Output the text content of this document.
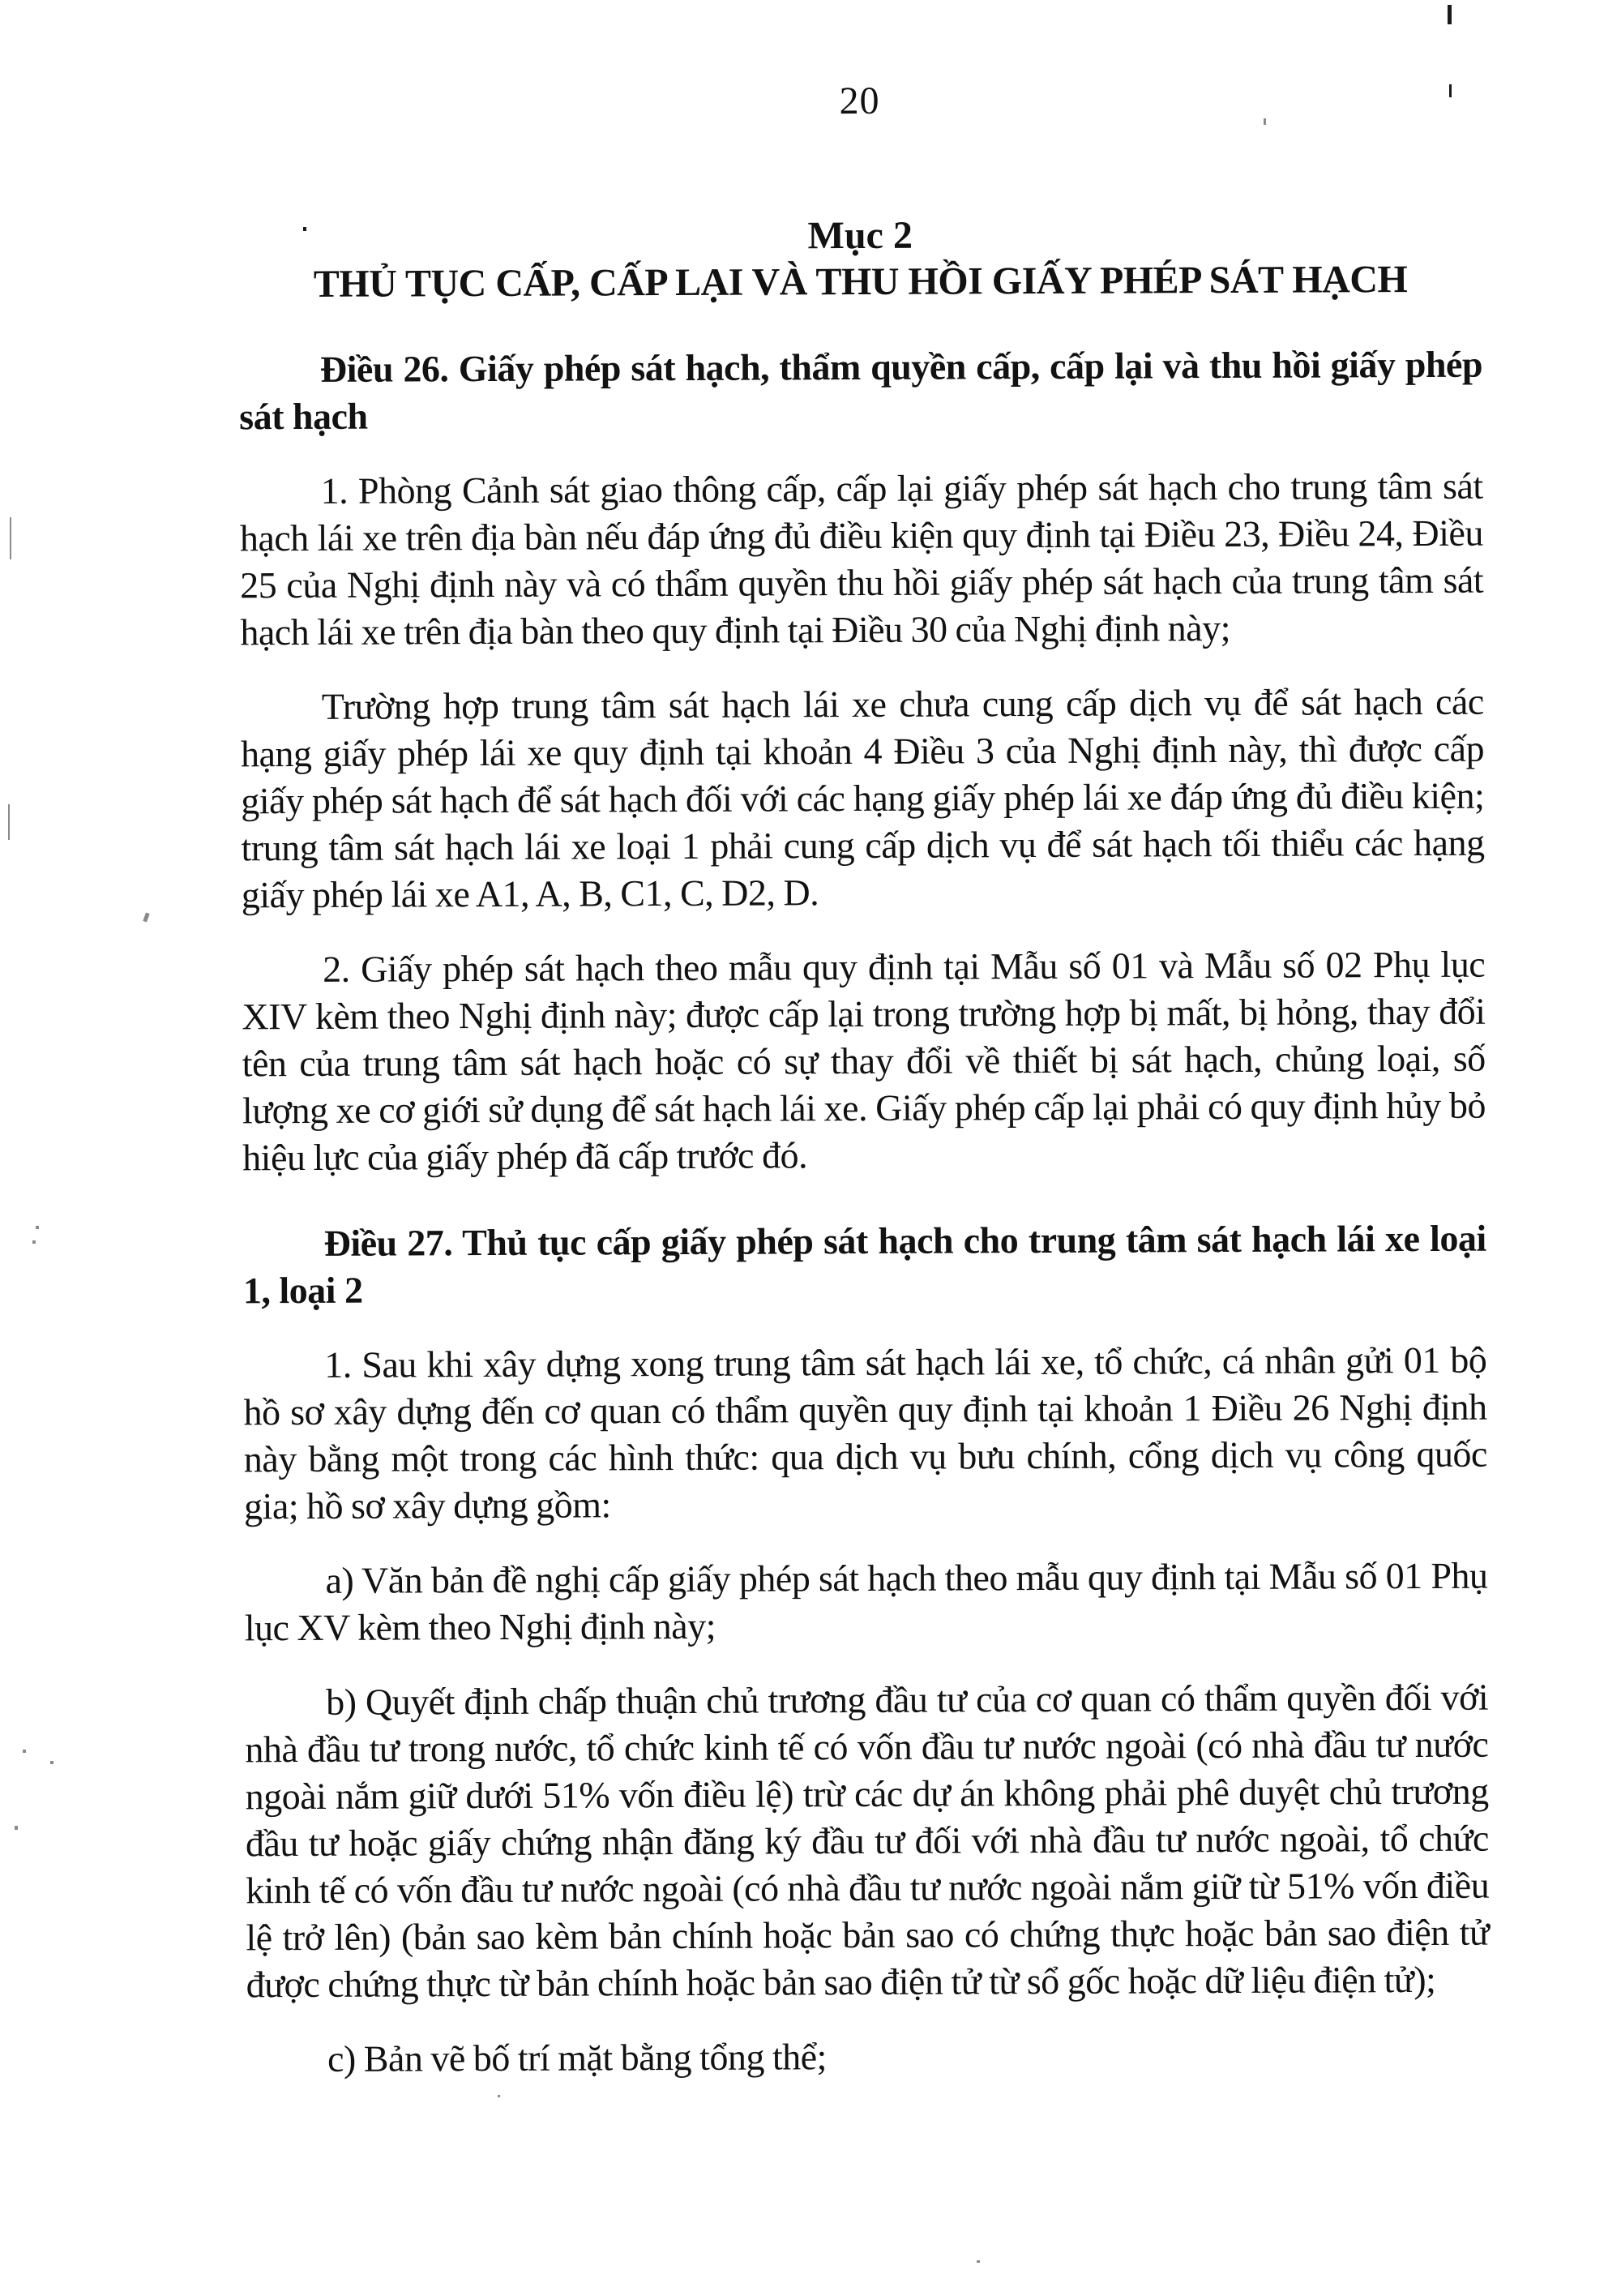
20
Mục 2
THỦ TỤC CẤP, CẤP LẠI VÀ THU HỒI GIẤY PHÉP SÁT HẠCH
Điều 26. Giấy phép sát hạch, thẩm quyền cấp, cấp lại và thu hồi giấy phép sát hạch

1. Phòng Cảnh sát giao thông cấp, cấp lại giấy phép sát hạch cho trung tâm sát hạch lái xe trên địa bàn nếu đáp ứng đủ điều kiện quy định tại Điều 23, Điều 24, Điều 25 của Nghị định này và có thẩm quyền thu hồi giấy phép sát hạch của trung tâm sát hạch lái xe trên địa bàn theo quy định tại Điều 30 của Nghị định này;

Trường hợp trung tâm sát hạch lái xe chưa cung cấp dịch vụ để sát hạch các hạng giấy phép lái xe quy định tại khoản 4 Điều 3 của Nghị định này, thì được cấp giấy phép sát hạch để sát hạch đối với các hạng giấy phép lái xe đáp ứng đủ điều kiện; trung tâm sát hạch lái xe loại 1 phải cung cấp dịch vụ để sát hạch tối thiểu các hạng giấy phép lái xe A1, A, B, C1, C, D2, D.

2. Giấy phép sát hạch theo mẫu quy định tại Mẫu số 01 và Mẫu số 02 Phụ lục XIV kèm theo Nghị định này; được cấp lại trong trường hợp bị mất, bị hỏng, thay đổi tên của trung tâm sát hạch hoặc có sự thay đổi về thiết bị sát hạch, chủng loại, số lượng xe cơ giới sử dụng để sát hạch lái xe. Giấy phép cấp lại phải có quy định hủy bỏ hiệu lực của giấy phép đã cấp trước đó.

Điều 27. Thủ tục cấp giấy phép sát hạch cho trung tâm sát hạch lái xe loại 1, loại 2

1. Sau khi xây dựng xong trung tâm sát hạch lái xe, tổ chức, cá nhân gửi 01 bộ hồ sơ xây dựng đến cơ quan có thẩm quyền quy định tại khoản 1 Điều 26 Nghị định này bằng một trong các hình thức: qua dịch vụ bưu chính, cổng dịch vụ công quốc gia; hồ sơ xây dựng gồm:

a) Văn bản đề nghị cấp giấy phép sát hạch theo mẫu quy định tại Mẫu số 01 Phụ lục XV kèm theo Nghị định này;

b) Quyết định chấp thuận chủ trương đầu tư của cơ quan có thẩm quyền đối với nhà đầu tư trong nước, tổ chức kinh tế có vốn đầu tư nước ngoài (có nhà đầu tư nước ngoài nắm giữ dưới 51% vốn điều lệ) trừ các dự án không phải phê duyệt chủ trương đầu tư hoặc giấy chứng nhận đăng ký đầu tư đối với nhà đầu tư nước ngoài, tổ chức kinh tế có vốn đầu tư nước ngoài (có nhà đầu tư nước ngoài nắm giữ từ 51% vốn điều lệ trở lên) (bản sao kèm bản chính hoặc bản sao có chứng thực hoặc bản sao điện tử được chứng thực từ bản chính hoặc bản sao điện tử từ sổ gốc hoặc dữ liệu điện tử);

c) Bản vẽ bố trí mặt bằng tổng thể;
